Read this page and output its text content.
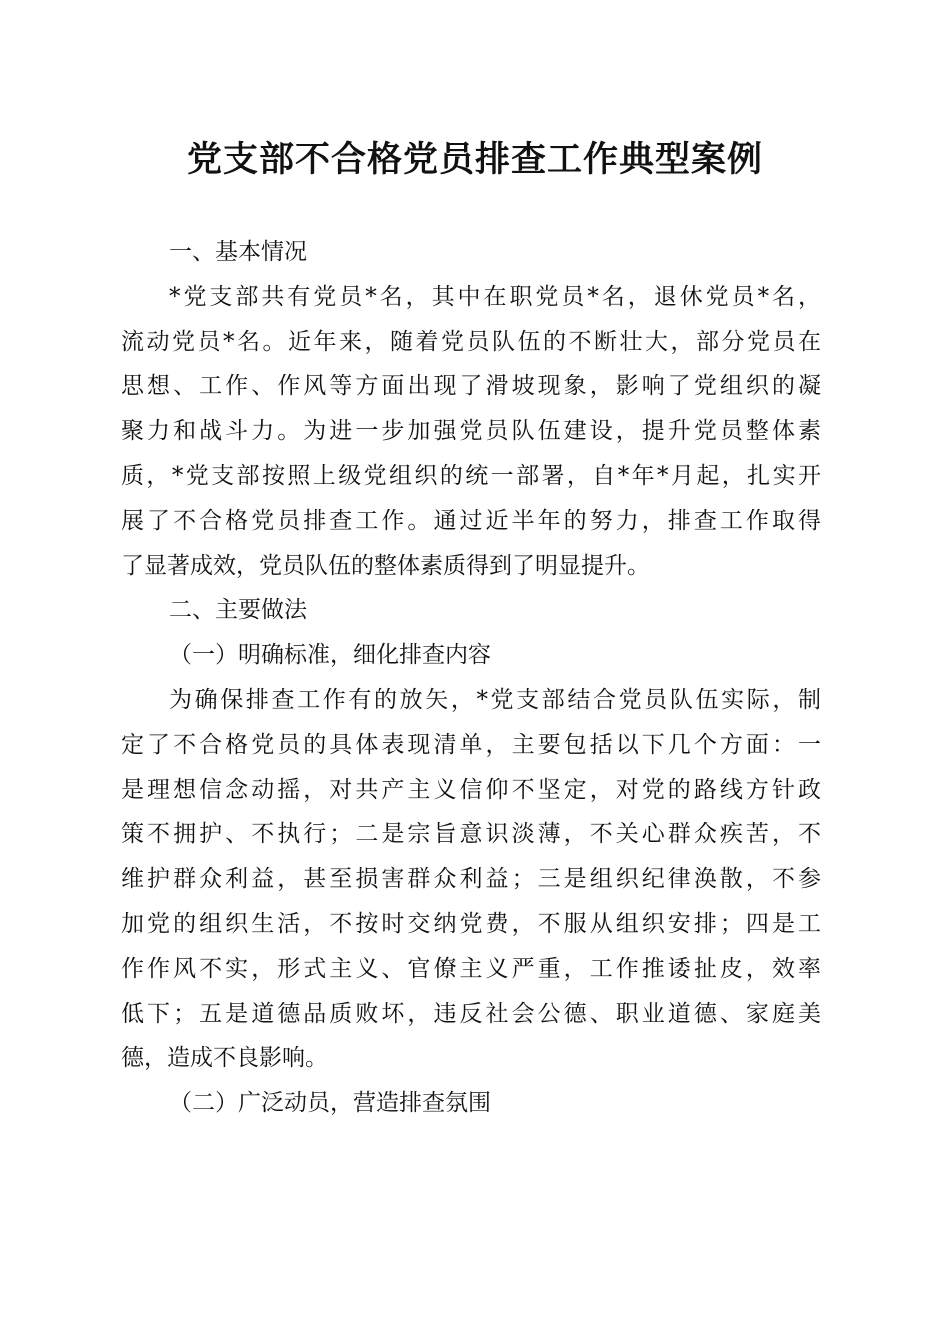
党支部不合格党员排查工作典型案例
一、基本情况
*党支部共有党员*名，其中在职党员*名，退休党员*名，
流动党员*名。近年来，随着党员队伍的不断壮大，部分党员在
思想、工作、作风等方面出现了滑坡现象，影响了党组织的凝
聚力和战斗力。为进一步加强党员队伍建设，提升党员整体素
质，*党支部按照上级党组织的统一部署，自*年*月起，扎实开
展了不合格党员排查工作。通过近半年的努力，排查工作取得
了显著成效，党员队伍的整体素质得到了明显提升。
二、主要做法
（一）明确标准，细化排查内容
为确保排查工作有的放矢，*党支部结合党员队伍实际，制
定了不合格党员的具体表现清单，主要包括以下几个方面：一
是理想信念动摇，对共产主义信仰不坚定，对党的路线方针政
策不拥护、不执行；二是宗旨意识淡薄，不关心群众疾苦，不
维护群众利益，甚至损害群众利益；三是组织纪律涣散，不参
加党的组织生活，不按时交纳党费，不服从组织安排；四是工
作作风不实，形式主义、官僚主义严重，工作推诿扯皮，效率
低下；五是道德品质败坏，违反社会公德、职业道德、家庭美
德，造成不良影响。
（二）广泛动员，营造排查氛围
